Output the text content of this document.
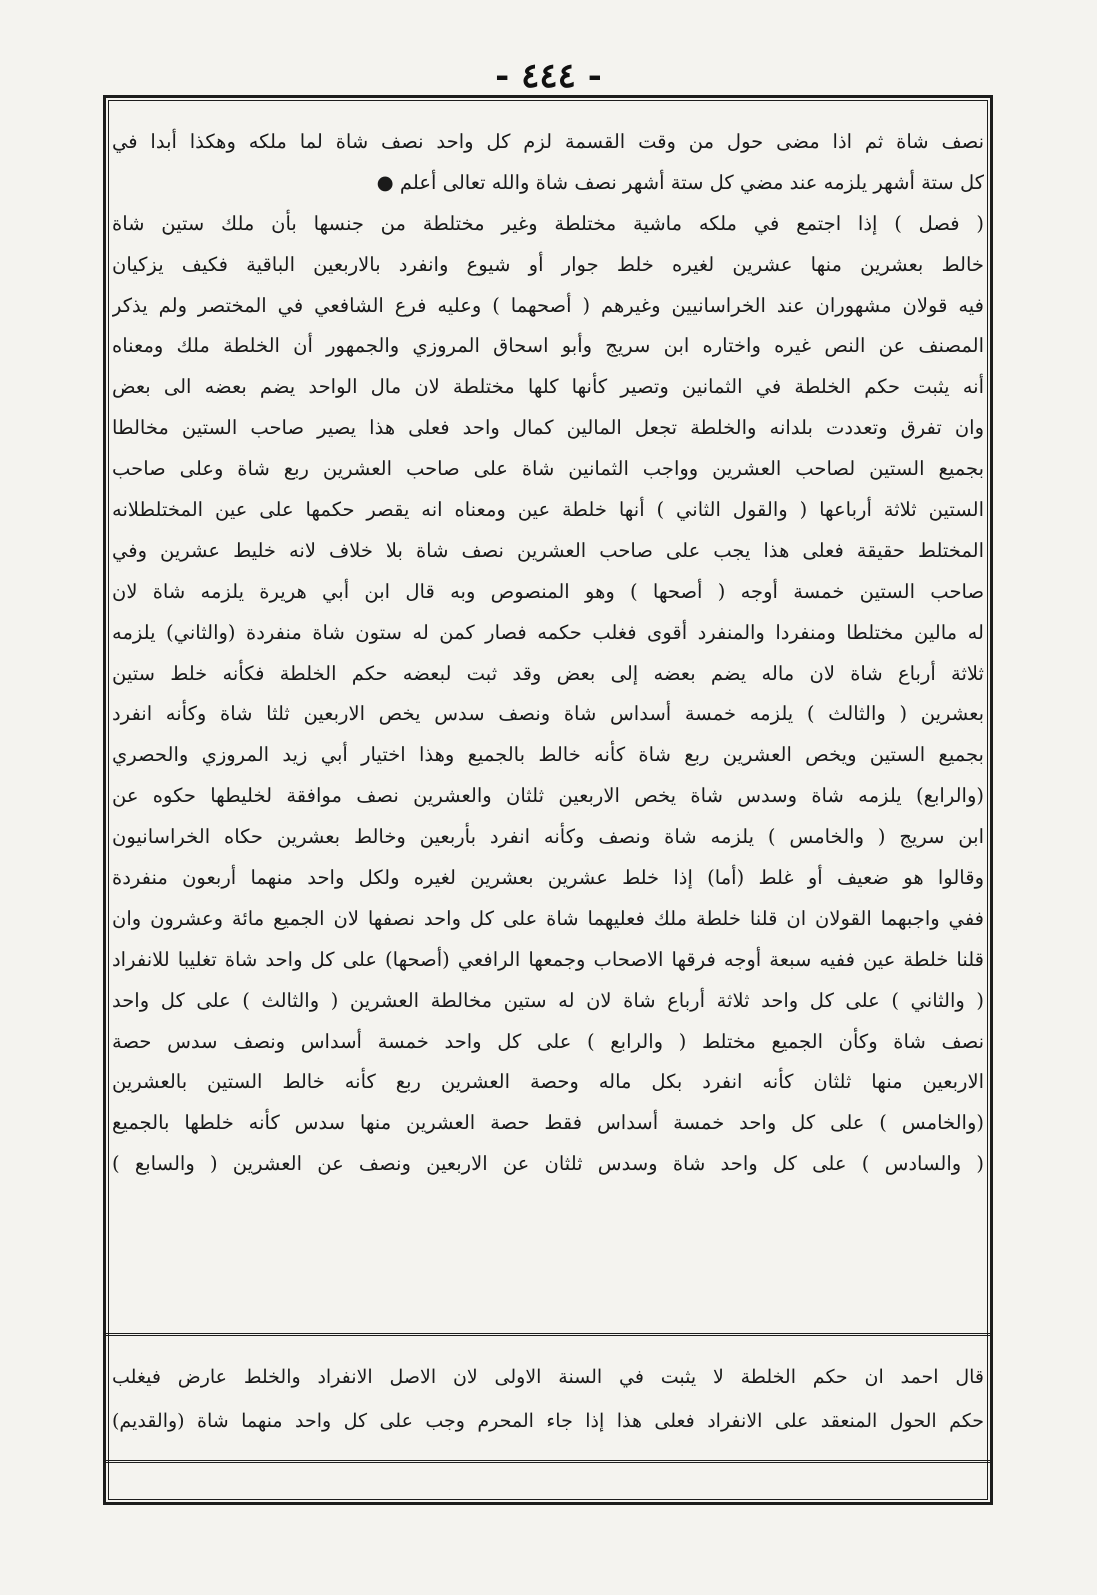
- ٤٤٤ -
نصف شاة ثم اذا مضى حول من وقت القسمة لزم كل واحد نصف شاة لما ملكه وهكذا أبدا في
كل ستة أشهر يلزمه عند مضي كل ستة أشهر نصف شاة والله تعالى أعلم ●
( فصل ) إذا اجتمع في ملكه ماشية مختلطة وغير مختلطة من جنسها بأن ملك ستين شاة
خالط بعشرين منها عشرين لغيره خلط جوار أو شيوع وانفرد بالاربعين الباقية فكيف يزكيان
فيه قولان مشهوران عند الخراسانيين وغيرهم ( أصحهما ) وعليه فرع الشافعي في المختصر ولم يذكر
المصنف عن النص غيره واختاره ابن سريج وأبو اسحاق المروزي والجمهور أن الخلطة ملك ومعناه
أنه يثبت حكم الخلطة في الثمانين وتصير كأنها كلها مختلطة لان مال الواحد يضم بعضه الى بعض
وان تفرق وتعددت بلدانه والخلطة تجعل المالين كمال واحد فعلى هذا يصير صاحب الستين مخالطا
بجميع الستين لصاحب العشرين وواجب الثمانين شاة على صاحب العشرين ربع شاة وعلى صاحب
الستين ثلاثة أرباعها ( والقول الثاني ) أنها خلطة عين ومعناه انه يقصر حكمها على عين المختلطلانه
المختلط حقيقة فعلى هذا يجب على صاحب العشرين نصف شاة بلا خلاف لانه خليط عشرين وفي
صاحب الستين خمسة أوجه ( أصحها ) وهو المنصوص وبه قال ابن أبي هريرة يلزمه شاة لان
له مالين مختلطا ومنفردا والمنفرد أقوى فغلب حكمه فصار كمن له ستون شاة منفردة (والثاني) يلزمه
ثلاثة أرباع شاة لان ماله يضم بعضه إلى بعض وقد ثبت لبعضه حكم الخلطة فكأنه خلط ستين
بعشرين ( والثالث ) يلزمه خمسة أسداس شاة ونصف سدس يخص الاربعين ثلثا شاة وكأنه انفرد
بجميع الستين ويخص العشرين ربع شاة كأنه خالط بالجميع وهذا اختيار أبي زيد المروزي والحصري
(والرابع) يلزمه شاة وسدس شاة يخص الاربعين ثلثان والعشرين نصف موافقة لخليطها حكوه عن
ابن سريج ( والخامس ) يلزمه شاة ونصف وكأنه انفرد بأربعين وخالط بعشرين حكاه الخراسانيون
وقالوا هو ضعيف أو غلط (أما) إذا خلط عشرين بعشرين لغيره ولكل واحد منهما أربعون منفردة
ففي واجبهما القولان ان قلنا خلطة ملك فعليهما شاة على كل واحد نصفها لان الجميع مائة وعشرون وان
قلنا خلطة عين ففيه سبعة أوجه فرقها الاصحاب وجمعها الرافعي (أصحها) على كل واحد شاة تغليبا للانفراد
( والثاني ) على كل واحد ثلاثة أرباع شاة لان له ستين مخالطة العشرين ( والثالث ) على كل واحد
نصف شاة وكأن الجميع مختلط ( والرابع ) على كل واحد خمسة أسداس ونصف سدس حصة
الاربعين منها ثلثان كأنه انفرد بكل ماله وحصة العشرين ربع كأنه خالط الستين بالعشرين
(والخامس ) على كل واحد خمسة أسداس فقط حصة العشرين منها سدس كأنه خلطها بالجميع
( والسادس ) على كل واحد شاة وسدس ثلثان عن الاربعين ونصف عن العشرين ( والسابع )
قال احمد ان حكم الخلطة لا يثبت في السنة الاولى لان الاصل الانفراد والخلط عارض فيغلب
حكم الحول المنعقد على الانفراد فعلى هذا إذا جاء المحرم وجب على كل واحد منهما شاة (والقديم)
